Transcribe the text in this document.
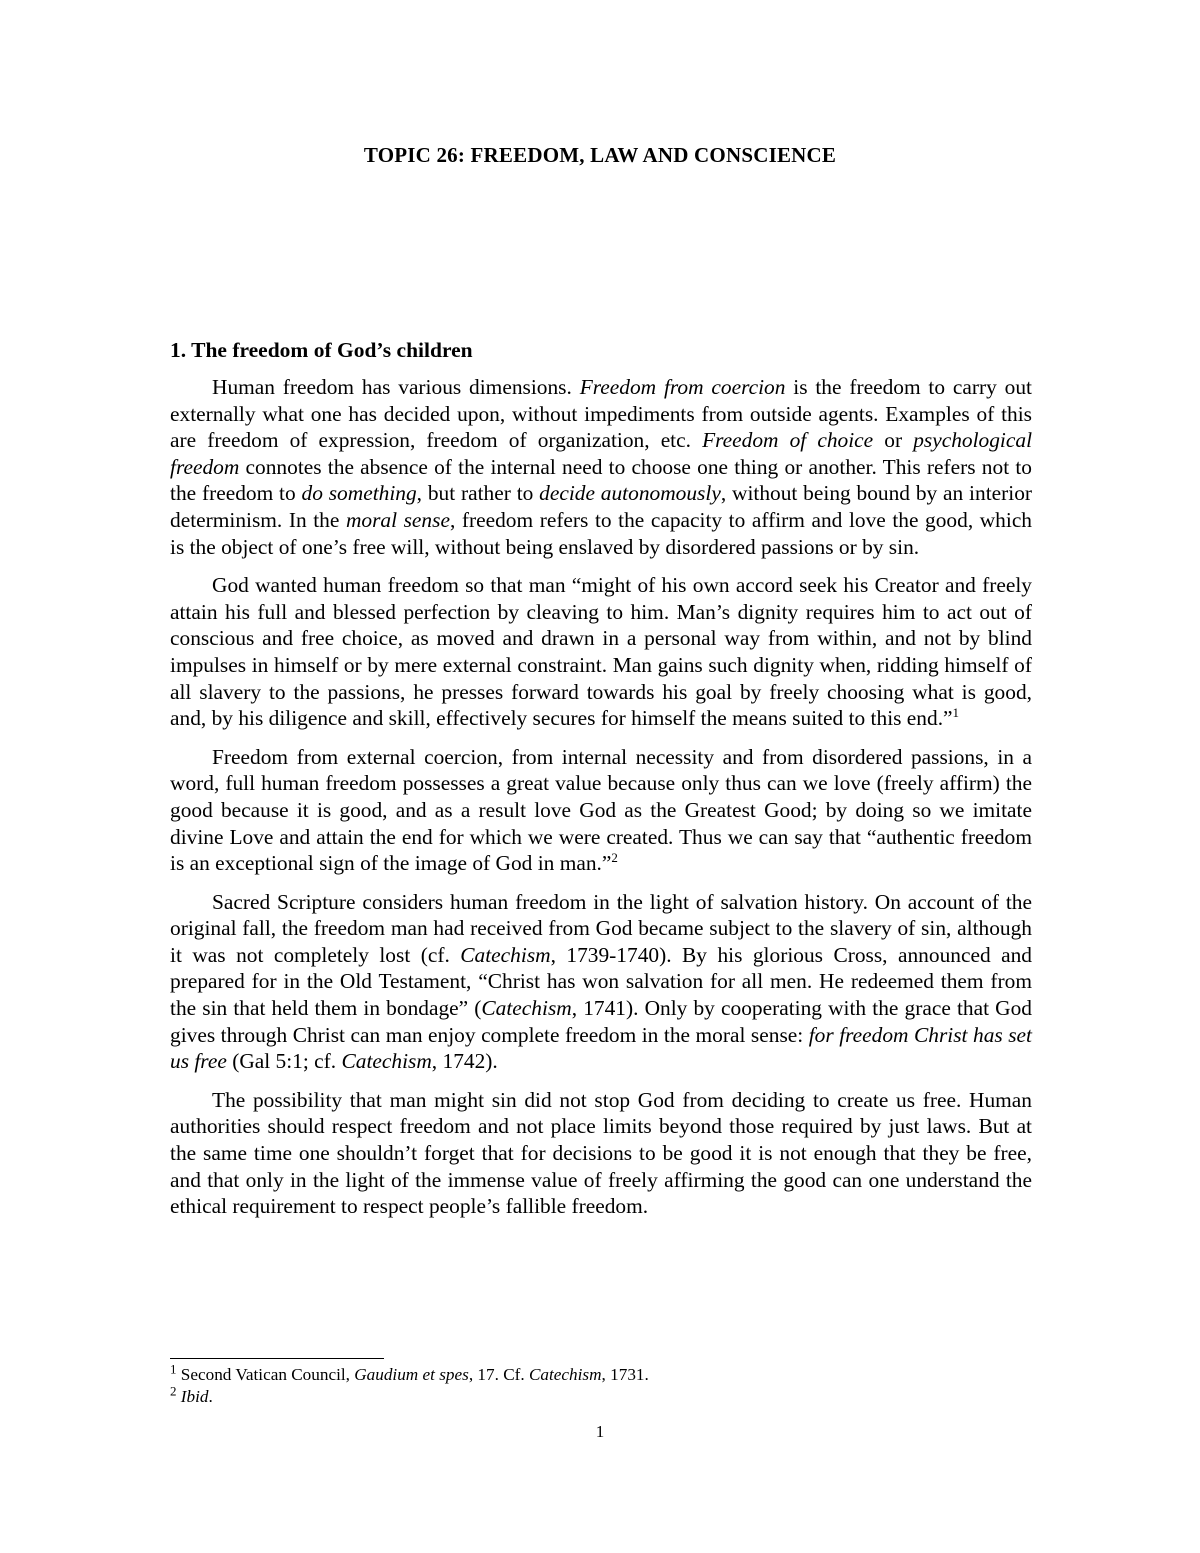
TOPIC 26: FREEDOM, LAW AND CONSCIENCE
1. The freedom of God’s children

Human freedom has various dimensions. Freedom from coercion is the freedom to carry out externally what one has decided upon, without impediments from outside agents. Examples of this are freedom of expression, freedom of organization, etc. Freedom of choice or psychological freedom connotes the absence of the internal need to choose one thing or another. This refers not to the freedom to do something, but rather to decide autonomously, without being bound by an interior determinism. In the moral sense, freedom refers to the capacity to affirm and love the good, which is the object of one’s free will, without being enslaved by disordered passions or by sin.

God wanted human freedom so that man “might of his own accord seek his Creator and freely attain his full and blessed perfection by cleaving to him. Man’s dignity requires him to act out of conscious and free choice, as moved and drawn in a personal way from within, and not by blind impulses in himself or by mere external constraint. Man gains such dignity when, ridding himself of all slavery to the passions, he presses forward towards his goal by freely choosing what is good, and, by his diligence and skill, effectively secures for himself the means suited to this end.”$^1$

Freedom from external coercion, from internal necessity and from disordered passions, in a word, full human freedom possesses a great value because only thus can we love (freely affirm) the good because it is good, and as a result love God as the Greatest Good; by doing so we imitate divine Love and attain the end for which we were created. Thus we can say that “authentic freedom is an exceptional sign of the image of God in man.”$^2$

Sacred Scripture considers human freedom in the light of salvation history. On account of the original fall, the freedom man had received from God became subject to the slavery of sin, although it was not completely lost (cf. Catechism, 1739-1740). By his glorious Cross, announced and prepared for in the Old Testament, “Christ has won salvation for all men. He redeemed them from the sin that held them in bondage” (Catechism, 1741). Only by cooperating with the grace that God gives through Christ can man enjoy complete freedom in the moral sense: for freedom Christ has set us free (Gal 5:1; cf. Catechism, 1742).

The possibility that man might sin did not stop God from deciding to create us free. Human authorities should respect freedom and not place limits beyond those required by just laws. But at the same time one shouldn’t forget that for decisions to be good it is not enough that they be free, and that only in the light of the immense value of freely affirming the good can one understand the ethical requirement to respect people’s fallible freedom.

$^1$ Second Vatican Council, Gaudium et spes, 17. Cf. Catechism, 1731.

$^2$ Ibid.

1
